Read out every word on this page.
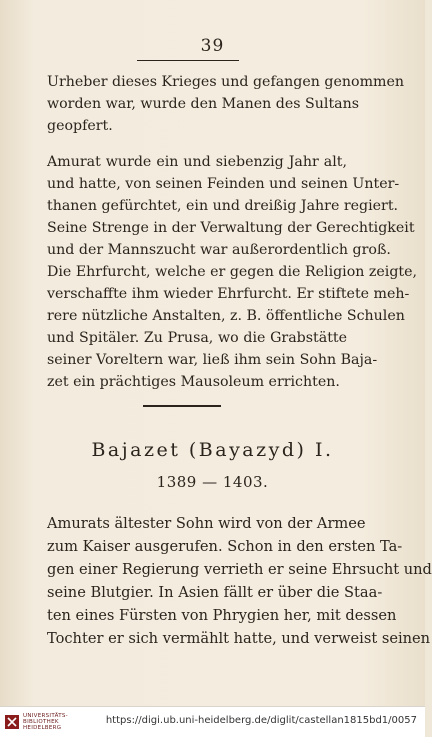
39
Urheber dieses Krieges und gefangen genommen
worden war, wurde den Manen des Sultans
geopfert.
Amurat wurde ein und siebenzig Jahr alt,
und hatte, von seinen Feinden und seinen Unter-
thanen gefürchtet, ein und dreißig Jahre regiert.
Seine Strenge in der Verwaltung der Gerechtigkeit
und der Mannszucht war außerordentlich groß.
Die Ehrfurcht, welche er gegen die Religion zeigte,
verschaffte ihm wieder Ehrfurcht. Er stiftete meh-
rere nützliche Anstalten, z. B. öffentliche Schulen
und Spitäler. Zu Prusa, wo die Grabstätte
seiner Voreltern war, ließ ihm sein Sohn Baja-
zet ein prächtiges Mausoleum errichten.
Bajazet (Bayazyd) I.
1389 — 1403.
Amurats ältester Sohn wird von der Armee
zum Kaiser ausgerufen. Schon in den ersten Ta-
gen einer Regierung verrieth er seine Ehrsucht und
seine Blutgier. In Asien fällt er über die Staa-
ten eines Fürsten von Phrygien her, mit dessen
Tochter er sich vermählt hatte, und verweist seinen
UNIVERSITÄTS-
BIBLIOTHEK
HEIDELBERG
https://digi.ub.uni-heidelberg.de/diglit/castellan1815bd1/0057
